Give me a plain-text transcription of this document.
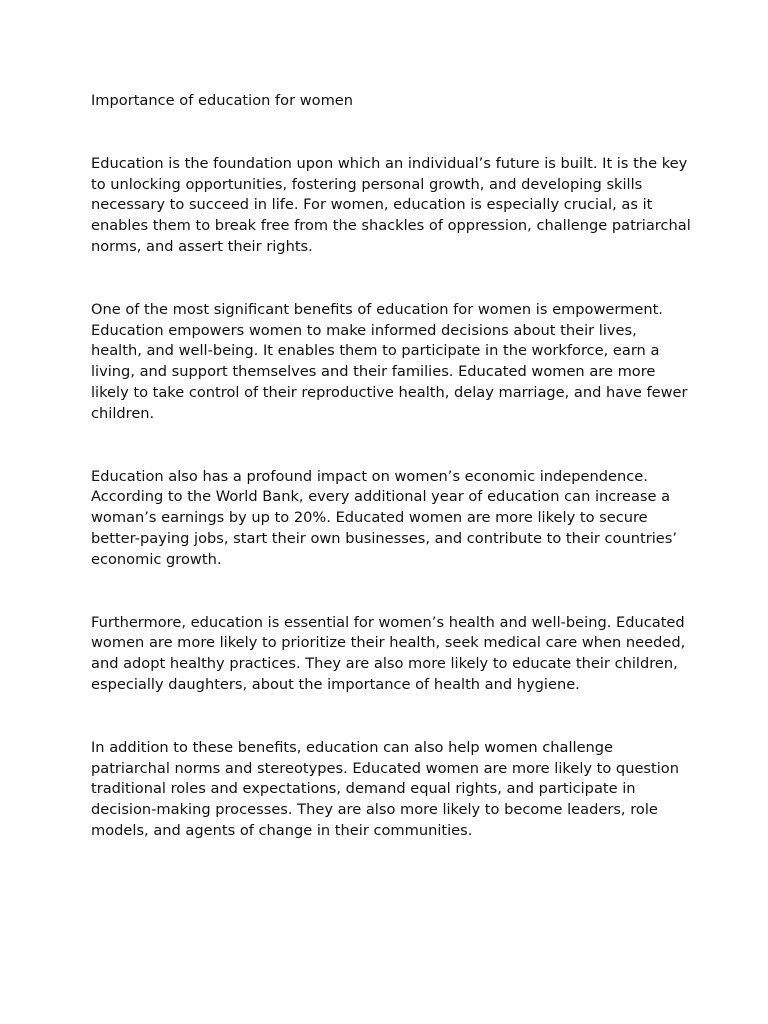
Importance of education for women

Education is the foundation upon which an individual’s future is built. It is the key to unlocking opportunities, fostering personal growth, and developing skills necessary to succeed in life. For women, education is especially crucial, as it enables them to break free from the shackles of oppression, challenge patriarchal norms, and assert their rights.

One of the most significant benefits of education for women is empowerment. Education empowers women to make informed decisions about their lives, health, and well-being. It enables them to participate in the workforce, earn a living, and support themselves and their families. Educated women are more likely to take control of their reproductive health, delay marriage, and have fewer children.

Education also has a profound impact on women’s economic independence. According to the World Bank, every additional year of education can increase a woman’s earnings by up to 20%. Educated women are more likely to secure better-paying jobs, start their own businesses, and contribute to their countries’ economic growth.

Furthermore, education is essential for women’s health and well-being. Educated women are more likely to prioritize their health, seek medical care when needed, and adopt healthy practices. They are also more likely to educate their children, especially daughters, about the importance of health and hygiene.

In addition to these benefits, education can also help women challenge patriarchal norms and stereotypes. Educated women are more likely to question traditional roles and expectations, demand equal rights, and participate in decision-making processes. They are also more likely to become leaders, role models, and agents of change in their communities.
